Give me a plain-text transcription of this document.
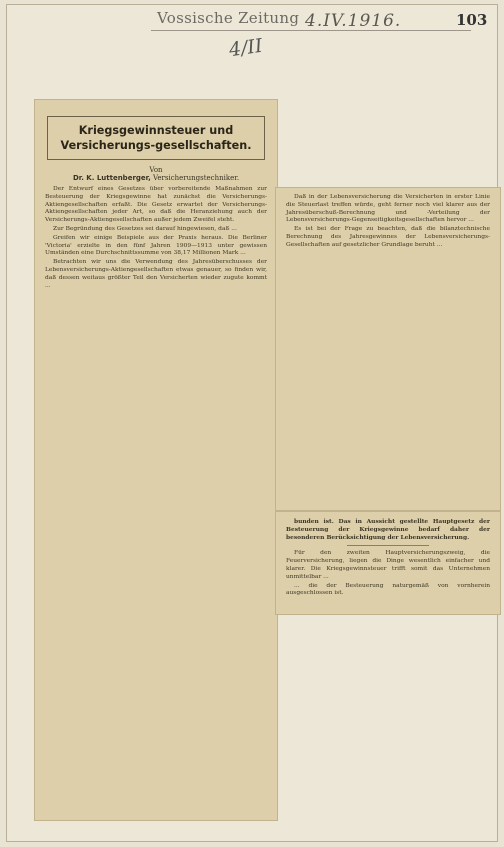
Vossische Zeitung 4.IV.1916.	103
4/II
Kriegsgewinnsteuer und Versicherungs-gesellschaften.
Von
Dr. K. Luttenberger, Versicherungstechniker.

Der Entwurf eines Gesetzes über vorbereitende Maßnahmen zur Besteuerung der Kriegsgewinne hat zunächst die Versicherungs-Aktiengesellschaften erfaßt. Die Gesetz erwartet der Versicherungs-Aktiengesellschaften jeder Art, so daß die Heranziehung auch der Versicherungs-Aktiengesellschaften außer jedem Zweifel steht.

Zur Begründung des Gesetzes sei darauf hingewiesen, daß ...

Greifen wir einige Beispiele aus der Praxis heraus. Die Berliner 'Victoria' erzielte in den fünf Jahren 1909—1913 unter gewissen Umständen eine Durchschnittssumme von 38,17 Millionen Mark ...

Betrachten wir uns die Verwendung des Jahresüberschusses der Lebensversicherungs-Aktiengesellschaften etwas genauer, so finden wir, daß dessen weitaus größter Teil den Versicherten wieder zugute kommt ...

Daß in der Lebensversicherung die Versicherten in erster Linie die Steuerlast treffen würde, geht ferner noch viel klarer aus der Jahresüberschuß-Berechnung und -Verteilung der Lebensversicherungs-Gegenseitigkeitsgesellschaften hervor ...

Es ist bei der Frage zu beachten, daß die bilanztechnische Berechnung des Jahresgewinnes der Lebensversicherungs-Gesellschaften auf gesetzlicher Grundlage beruht ...

bunden ist. Das in Aussicht gestellte Hauptgesetz der Besteuerung der Kriegsgewinne bedarf daher der besonderen Berücksichtigung der Lebensversicherung.

Für den zweiten Hauptversicherungszweig, die Feuerversicherung, liegen die Dinge wesentlich einfacher und klarer. Die Kriegsgewinnsteuer trifft somit das Unternehmen unmittelbar ...

... die der Besteuerung naturgemäß von vornherein ausgeschlossen ist.
